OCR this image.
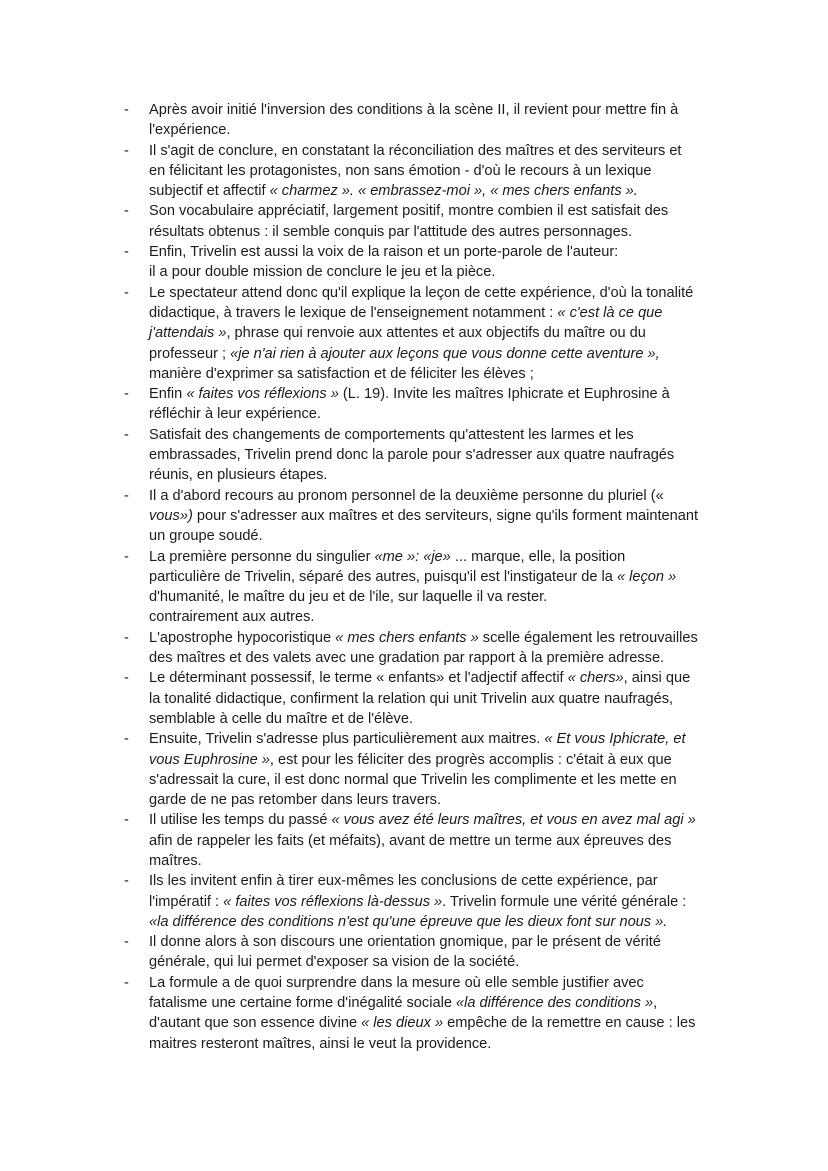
-	Après avoir initié l'inversion des conditions à la scène II, il revient pour mettre fin à
l'expérience.
-	Il s'agit de conclure, en constatant la réconciliation des maîtres et des serviteurs et
en félicitant les protagonistes, non sans émotion - d'où le recours à un lexique
subjectif et affectif « charmez ». « embrassez-moi », « mes chers enfants ».
-	Son vocabulaire appréciatif, largement positif, montre combien il est satisfait des
résultats obtenus : il semble conquis par l'attitude des autres personnages.
-	Enfin, Trivelin est aussi la voix de la raison et un porte-parole de l'auteur:
il a pour double mission de conclure le jeu et la pièce.
-	Le spectateur attend donc qu'il explique la leçon de cette expérience, d'où la tonalité
didactique, à travers le lexique de l'enseignement notamment : « c'est là ce que
j'attendais », phrase qui renvoie aux attentes et aux objectifs du maître ou du
professeur ; «je n'ai rien à ajouter aux leçons que vous donne cette aventure »,
manière d'exprimer sa satisfaction et de féliciter les élèves ;
-	Enfin « faites vos réflexions » (L. 19). Invite les maîtres Iphicrate et Euphrosine à
réfléchir à leur expérience.
-	Satisfait des changements de comportements qu'attestent les larmes et les
embrassades, Trivelin prend donc la parole pour s'adresser aux quatre naufragés
réunis, en plusieurs étapes.
-	Il a d'abord recours au pronom personnel de la deuxième personne du pluriel («
vous») pour s'adresser aux maîtres et des serviteurs, signe qu'ils forment maintenant
un groupe soudé.
-	La première personne du singulier «me »: «je» ... marque, elle, la position
particulière de Trivelin, séparé des autres, puisqu'il est l'instigateur de la « leçon »
d'humanité, le maître du jeu et de l'ile, sur laquelle il va rester.
contrairement aux autres.
-	L'apostrophe hypocoristique « mes chers enfants » scelle également les retrouvailles
des maîtres et des valets avec une gradation par rapport à la première adresse.
-	Le déterminant possessif, le terme « enfants» et l'adjectif affectif « chers», ainsi que
la tonalité didactique, confirment la relation qui unit Trivelin aux quatre naufragés,
semblable à celle du maître et de l'élève.
-	Ensuite, Trivelin s'adresse plus particulièrement aux maitres. « Et vous Iphicrate, et
vous Euphrosine », est pour les féliciter des progrès accomplis : c'était à eux que
s'adressait la cure, il est donc normal que Trivelin les complimente et les mette en
garde de ne pas retomber dans leurs travers.
-	Il utilise les temps du passé « vous avez été leurs maîtres, et vous en avez mal agi »
afin de rappeler les faits (et méfaits), avant de mettre un terme aux épreuves des
maîtres.
-	Ils les invitent enfin à tirer eux-mêmes les conclusions de cette expérience, par
l'impératif : « faites vos réflexions là-dessus ». Trivelin formule une vérité générale :
«la différence des conditions n'est qu'une épreuve que les dieux font sur nous ».
-	Il donne alors à son discours une orientation gnomique, par le présent de vérité
générale, qui lui permet d'exposer sa vision de la société.
-	La formule a de quoi surprendre dans la mesure où elle semble justifier avec
fatalisme une certaine forme d'inégalité sociale «la différence des conditions »,
d'autant que son essence divine « les dieux » empêche de la remettre en cause : les
maitres resteront maîtres, ainsi le veut la providence.
